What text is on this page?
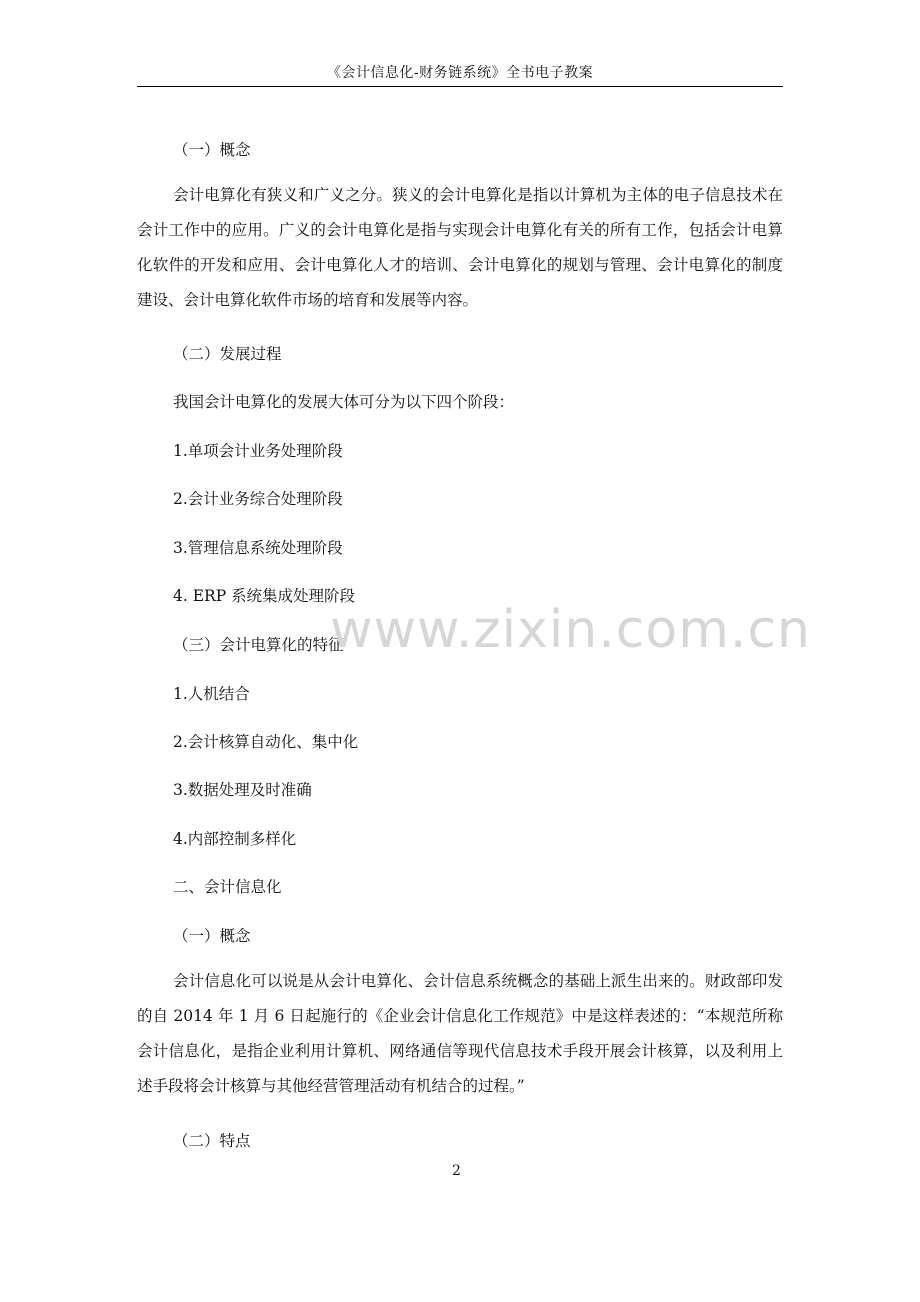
《会计信息化-财务链系统》全书电子教案
（一）概念
会计电算化有狭义和广义之分。狭义的会计电算化是指以计算机为主体的电子信息技术在会计工作中的应用。广义的会计电算化是指与实现会计电算化有关的所有工作，包括会计电算化软件的开发和应用、会计电算化人才的培训、会计电算化的规划与管理、会计电算化的制度建设、会计电算化软件市场的培育和发展等内容。
（二）发展过程
我国会计电算化的发展大体可分为以下四个阶段：
1.单项会计业务处理阶段
2.会计业务综合处理阶段
3.管理信息系统处理阶段
4. ERP 系统集成处理阶段
（三）会计电算化的特征
1.人机结合
2.会计核算自动化、集中化
3.数据处理及时准确
4.内部控制多样化
二、会计信息化
（一）概念
会计信息化可以说是从会计电算化、会计信息系统概念的基础上派生出来的。财政部印发的自 2014 年 1 月 6 日起施行的《企业会计信息化工作规范》中是这样表述的：“本规范所称会计信息化，是指企业利用计算机、网络通信等现代信息技术手段开展会计核算，以及利用上述手段将会计核算与其他经营管理活动有机结合的过程。”
（二）特点
www.zixin.com.cn
2
